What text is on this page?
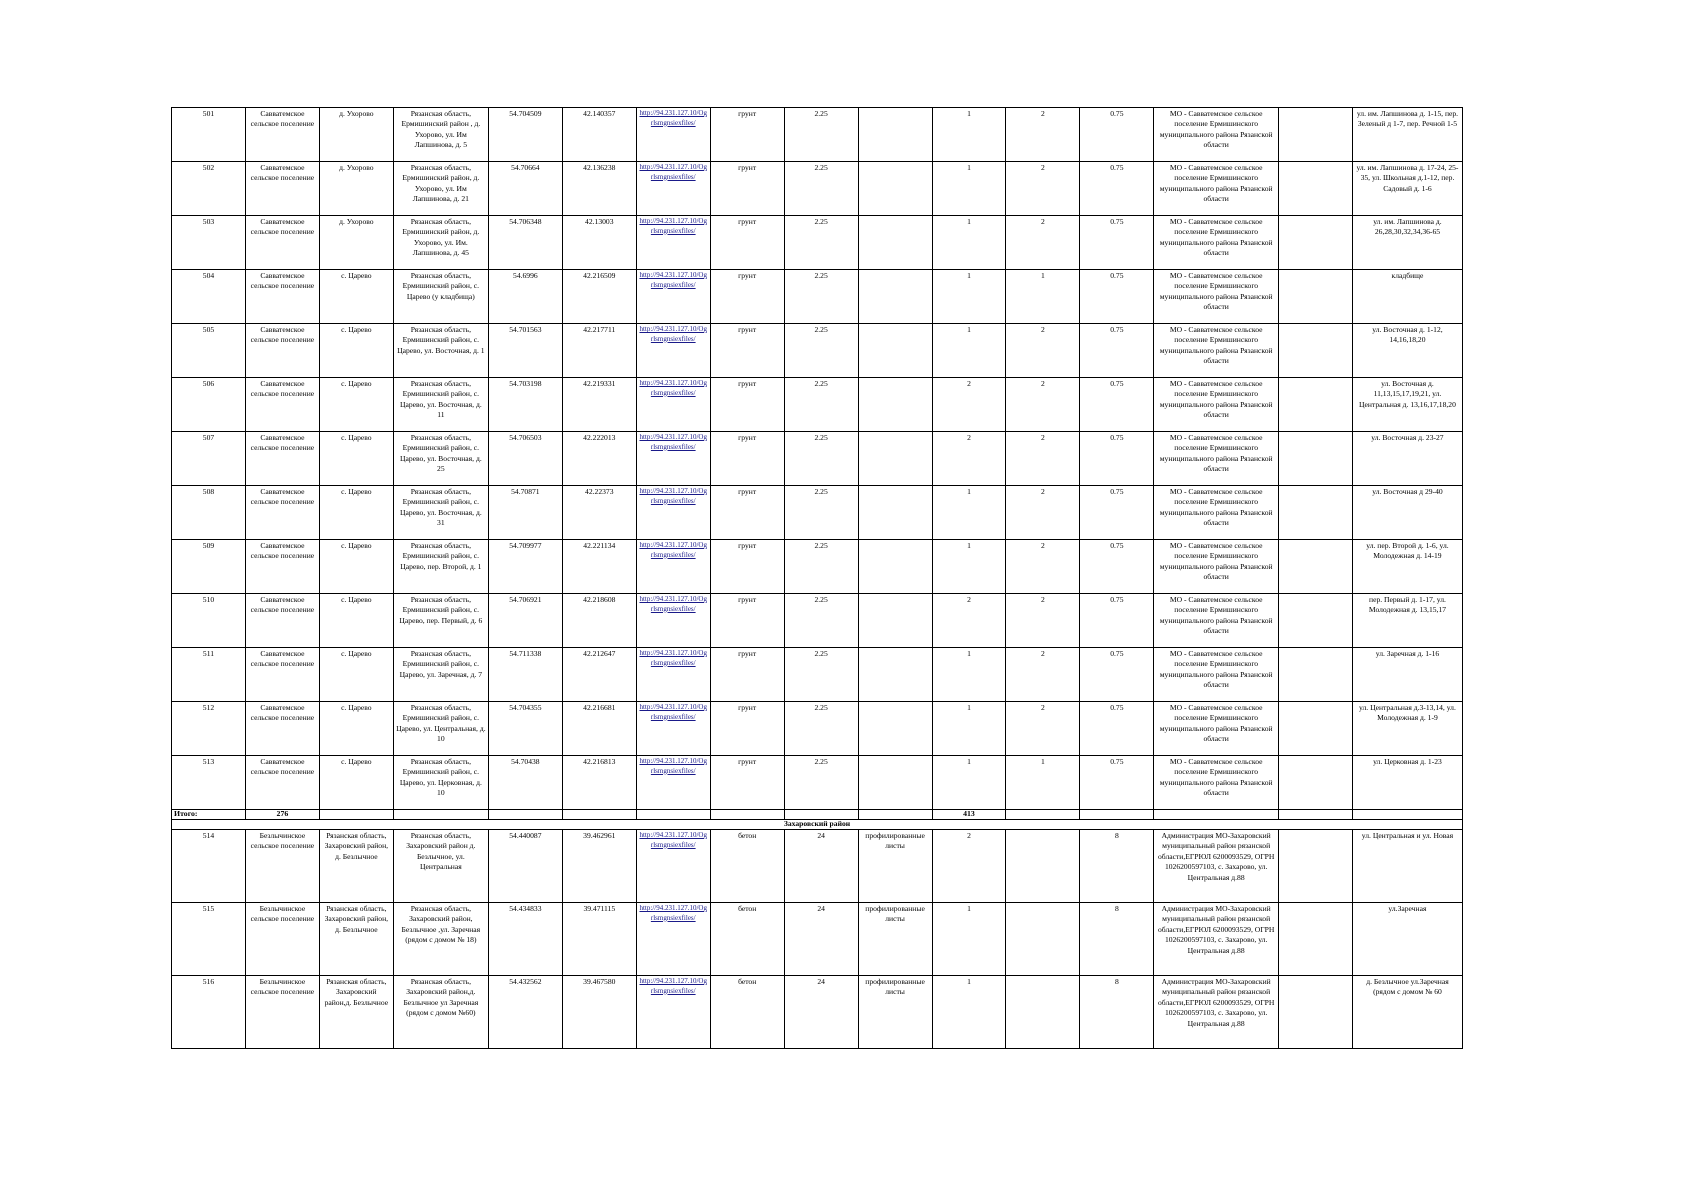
501	Савватемское сельское поселение	д. Ухорово	Рязанская область, Ермишинский район , д. Ухорово, ул. Им Лапшинова, д. 5	54.704509	42.140357	http://94.231.127.10/Ogrlsmgnsiexfiles/	грунт	2.25		1	2	0.75	МО - Савватемское сельское поселение Ермишинского муниципального района Рязанской области		ул. им. Лапшинова д. 1-15, пер. Зеленый д 1-7, пер. Речной 1-5
502	Савватемское сельское поселение	д. Ухорово	Рязанская область, Ермишинский район, д. Ухорово, ул. Им Лапшинова, д. 21	54.70664	42.136238	http://94.231.127.10/Ogrlsmgnsiexfiles/	грунт	2.25		1	2	0.75	МО - Савватемское сельское поселение Ермишинского муниципального района Рязанской области		ул. им. Лапшинова д. 17-24, 25-35, ул. Школьная д.1-12, пер. Садовый д. 1-6
503	Савватемское сельское поселение	д. Ухорово	Рязанская область, Ермишинский район, д. Ухорово, ул. Им. Лапшинова, д. 45	54.706348	42.13003	http://94.231.127.10/Ogrlsmgnsiexfiles/	грунт	2.25		1	2	0.75	МО - Савватемское сельское поселение Ермишинского муниципального района Рязанской области		ул. им. Лапшинова д. 26,28,30,32,34,36-65
504	Савватемское сельское поселение	с. Царево	Рязанская область, Ермишинский район, с. Царево (у кладбища)	54.6996	42.216509	http://94.231.127.10/Ogrlsmgnsiexfiles/	грунт	2.25		1	1	0.75	МО - Савватемское сельское поселение Ермишинского муниципального района Рязанской области		кладбище
505	Савватемское сельское поселение	с. Царево	Рязанская область, Ермишинский район, с. Царево, ул. Восточная, д. 1	54.701563	42.217711	http://94.231.127.10/Ogrlsmgnsiexfiles/	грунт	2.25		1	2	0.75	МО - Савватемское сельское поселение Ермишинского муниципального района Рязанской области		ул. Восточная д. 1-12, 14,16,18,20
506	Савватемское сельское поселение	с. Царево	Рязанская область, Ермишинский район, с. Царево, ул. Восточная, д. 11	54.703198	42.219331	http://94.231.127.10/Ogrlsmgnsiexfiles/	грунт	2.25		2	2	0.75	МО - Савватемское сельское поселение Ермишинского муниципального района Рязанской области		ул. Восточная д. 11,13,15,17,19,21, ул. Центральная д. 13,16,17,18,20
507	Савватемское сельское поселение	с. Царево	Рязанская область, Ермишинский район, с. Царево, ул. Восточная, д. 25	54.706503	42.222013	http://94.231.127.10/Ogrlsmgnsiexfiles/	грунт	2.25		2	2	0.75	МО - Савватемское сельское поселение Ермишинского муниципального района Рязанской области		ул. Восточная д. 23-27
508	Савватемское сельское поселение	с. Царево	Рязанская область, Ермишинский район, с. Царево, ул. Восточная, д. 31	54.70871	42.22373	http://94.231.127.10/Ogrlsmgnsiexfiles/	грунт	2.25		1	2	0.75	МО - Савватемское сельское поселение Ермишинского муниципального района Рязанской области		ул. Восточная д 29-40
509	Савватемское сельское поселение	с. Царево	Рязанская область, Ермишинский район, с. Царево, пер. Второй, д. 1	54.709977	42.221134	http://94.231.127.10/Ogrlsmgnsiexfiles/	грунт	2.25		1	2	0.75	МО - Савватемское сельское поселение Ермишинского муниципального района Рязанской области		ул. пер. Второй д. 1-6, ул. Молодежная д. 14-19
510	Савватемское сельское поселение	с. Царево	Рязанская область, Ермишинский район, с. Царево, пер. Первый, д. 6	54.706921	42.218608	http://94.231.127.10/Ogrlsmgnsiexfiles/	грунт	2.25		2	2	0.75	МО - Савватемское сельское поселение Ермишинского муниципального района Рязанской области		пер. Первый д. 1-17, ул. Молодежная д. 13,15,17
511	Савватемское сельское поселение	с. Царево	Рязанская область, Ермишинский район, с. Царево, ул. Заречная, д. 7	54.711338	42.212647	http://94.231.127.10/Ogrlsmgnsiexfiles/	грунт	2.25		1	2	0.75	МО - Савватемское сельское поселение Ермишинского муниципального района Рязанской области		ул. Заречная д. 1-16
512	Савватемское сельское поселение	с. Царево	Рязанская область, Ермишинский район, с. Царево, ул. Центральная, д. 10	54.704355	42.216681	http://94.231.127.10/Ogrlsmgnsiexfiles/	грунт	2.25		1	2	0.75	МО - Савватемское сельское поселение Ермишинского муниципального района Рязанской области		ул. Центральная д.3-13,14, ул. Молодежная д. 1-9
513	Савватемское сельское поселение	с. Царево	Рязанская область, Ермишинский район, с. Царево, ул. Церковная, д. 10	54.70438	42.216813	http://94.231.127.10/Ogrlsmgnsiexfiles/	грунт	2.25		1	1	0.75	МО - Савватемское сельское поселение Ермишинского муниципального района Рязанской области		ул. Церковная д. 1-23
Итого:	276									413					
Захаровский район															
514	Безлычинское сельское поселение	Рязанская область, Захаровский район, д. Безлычное	Рязанская область, Захаровский район д. Безлычное, ул. Центральная	54.440087	39.462961	http://94.231.127.10/Ogrlsmgnsiexfiles/	бетон	24	профилированные листы	2		8	Администрация МО-Захаровский муниципальный район рязанской области,ЕГРЮЛ 6200093529, ОГРН 1026200597103, с. Захарово, ул. Центральная д.88		ул. Центральная и ул. Новая
515	Безлычинское сельское поселение	Рязанская область, Захаровский район, д. Безлычное	Рязанская область, Захаровский район, Безлычное ,ул. Заречная (рядом с домом № 18)	54.434833	39.471115	http://94.231.127.10/Ogrlsmgnsiexfiles/	бетон	24	профилированные листы	1		8	Администрация МО-Захаровский муниципальный район рязанской области,ЕГРЮЛ 6200093529, ОГРН 1026200597103, с. Захарово, ул. Центральная д.88		ул.Заречная
516	Безлычинское сельское поселение	Рязанская область, Захаровский район,д. Безлычное	Рязанская область, Захаровский район,д. Безлычное ул Заречная (рядом с домом №60)	54.432562	39.467580	http://94.231.127.10/Ogrlsmgnsiexfiles/	бетон	24	профилированные листы	1		8	Администрация МО-Захаровский муниципальный район рязанской области,ЕГРЮЛ 6200093529, ОГРН 1026200597103, с. Захарово, ул. Центральная д.88		д. Безлычное ул.Заречная (рядом с домом № 60
